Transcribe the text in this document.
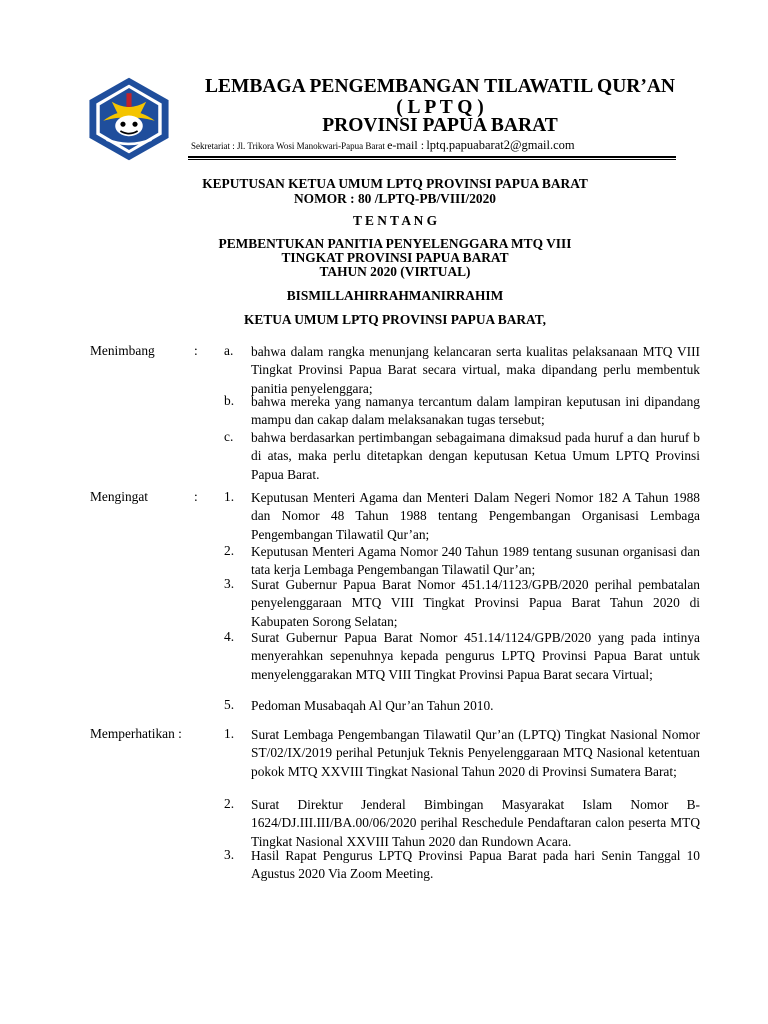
LEMBAGA PENGEMBANGAN TILAWATIL QUR’AN
( L P T Q )
PROVINSI PAPUA BARAT
Sekretariat : Jl. Trikora Wosi Manokwari-Papua Barat e-mail : lptq.papuabarat2@gmail.com
KEPUTUSAN KETUA UMUM LPTQ PROVINSI PAPUA BARAT
NOMOR : 80 /LPTQ-PB/VIII/2020
T E N T A N G
PEMBENTUKAN PANITIA PENYELENGGARA MTQ VIII
TINGKAT PROVINSI PAPUA BARAT
TAHUN 2020 (VIRTUAL)
BISMILLAHIRRAHMANIRRAHIM
KETUA UMUM LPTQ PROVINSI PAPUA BARAT,
Menimbang	: a. bahwa dalam rangka menunjang kelancaran serta kualitas pelaksanaan MTQ VIII Tingkat Provinsi Papua Barat secara virtual, maka dipandang perlu membentuk panitia penyelenggara;
b. bahwa mereka yang namanya tercantum dalam lampiran keputusan ini dipandang mampu dan cakap dalam melaksanakan tugas tersebut;
c. bahwa berdasarkan pertimbangan sebagaimana dimaksud pada huruf a dan huruf b di atas, maka perlu ditetapkan dengan keputusan Ketua Umum LPTQ Provinsi Papua Barat.
Mengingat	: 1. Keputusan Menteri Agama dan Menteri Dalam Negeri Nomor 182 A Tahun 1988 dan Nomor 48 Tahun 1988 tentang Pengembangan Organisasi Lembaga Pengembangan Tilawatil Qur’an;
2. Keputusan Menteri Agama Nomor 240 Tahun 1989 tentang susunan organisasi dan tata kerja Lembaga Pengembangan Tilawatil Qur’an;
3. Surat Gubernur Papua Barat Nomor 451.14/1123/GPB/2020 perihal pembatalan penyelenggaraan MTQ VIII Tingkat Provinsi Papua Barat Tahun 2020 di Kabupaten Sorong Selatan;
4. Surat Gubernur Papua Barat Nomor 451.14/1124/GPB/2020 yang pada intinya menyerahkan sepenuhnya kepada pengurus LPTQ Provinsi Papua Barat untuk menyelenggarakan MTQ VIII Tingkat Provinsi Papua Barat secara Virtual;
5. Pedoman Musabaqah Al Qur’an Tahun 2010.
Memperhatikan :	1. Surat Lembaga Pengembangan Tilawatil Qur’an (LPTQ) Tingkat Nasional Nomor ST/02/IX/2019 perihal Petunjuk Teknis Penyelenggaraan MTQ Nasional ketentuan pokok MTQ XXVIII Tingkat Nasional Tahun 2020 di Provinsi Sumatera Barat;
2. Surat Direktur Jenderal Bimbingan Masyarakat Islam Nomor B-1624/DJ.III.III/BA.00/06/2020 perihal Reschedule Pendaftaran calon peserta MTQ Tingkat Nasional XXVIII Tahun 2020 dan Rundown Acara.
3. Hasil Rapat Pengurus LPTQ Provinsi Papua Barat pada hari Senin Tanggal 10 Agustus 2020 Via Zoom Meeting.
